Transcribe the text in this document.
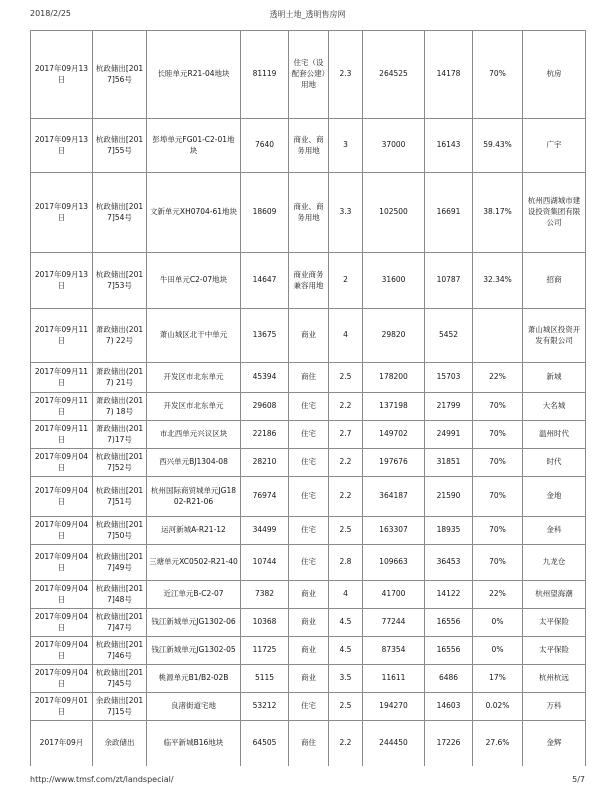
2018/2/25	透明土地_透明售房网
2017年09月13日	杭政储出[2017]56号	长睦单元R21-04地块	81119	住宅（设配套公建）用地	2.3	264525	14178	70%	杭房
2017年09月13日	杭政储出[2017]55号	彭埠单元FG01-C2-01地块	7640	商业、商务用地	3	37000	16143	59.43%	广宇
2017年09月13日	杭政储出[2017]54号	文新单元XH0704-61地块	18609	商业、商务用地	3.3	102500	16691	38.17%	杭州西湖城市建设投资集团有限公司
2017年09月13日	杭政储出[2017]53号	牛田单元C2-07地块	14647	商业商务兼容用地	2	31600	10787	32.34%	招商
2017年09月11日	萧政储出(2017) 22号	萧山城区北干中单元	13675	商业	4	29820	5452		萧山城区投资开发有限公司
2017年09月11日	萧政储出(2017) 21号	开发区市北东单元	45394	商住	2.5	178200	15703	22%	新城
2017年09月11日	萧政储出(2017) 18号	开发区市北东单元	29608	住宅	2.2	137198	21799	70%	大名城
2017年09月11日	萧政储出(2017)17号	市北西单元兴议区块	22186	住宅	2.7	149702	24991	70%	温州时代
2017年09月04日	杭政储出[2017]52号	西兴单元BJ1304-08	28210	住宅	2.2	197676	31851	70%	时代
2017年09月04日	杭政储出[2017]51号	杭州国际商贸城单元JG1802-R21-06	76974	住宅	2.2	364187	21590	70%	金地
2017年09月04日	杭政储出[2017]50号	运河新城A-R21-12	34499	住宅	2.5	163307	18935	70%	金科
2017年09月04日	杭政储出[2017]49号	三塘单元XC0502-R21-40	10744	住宅	2.8	109663	36453	70%	九龙仓
2017年09月04日	杭政储出[2017]48号	近江单元B-C2-07	7382	商业	4	41700	14122	22%	杭州望海潮
2017年09月04日	杭政储出[2017]47号	钱江新城单元JG1302-06	10368	商业	4.5	77244	16556	0%	太平保险
2017年09月04日	杭政储出[2017]46号	钱江新城单元JG1302-05	11725	商业	4.5	87354	16556	0%	太平保险
2017年09月04日	杭政储出[2017]45号	桃源单元B1/B2-02B	5115	商业	3.5	11611	6486	17%	杭州杭远
2017年09月01日	余政储出[2017]15号	良渚街道宅地	53212	住宅	2.5	194270	14603	0.02%	万科
2017年09月	余政储出	临平新城B16地块	64505	商住	2.2	244450	17226	27.6%	金辉
http://www.tmsf.com/zt/landspecial/	5/7
